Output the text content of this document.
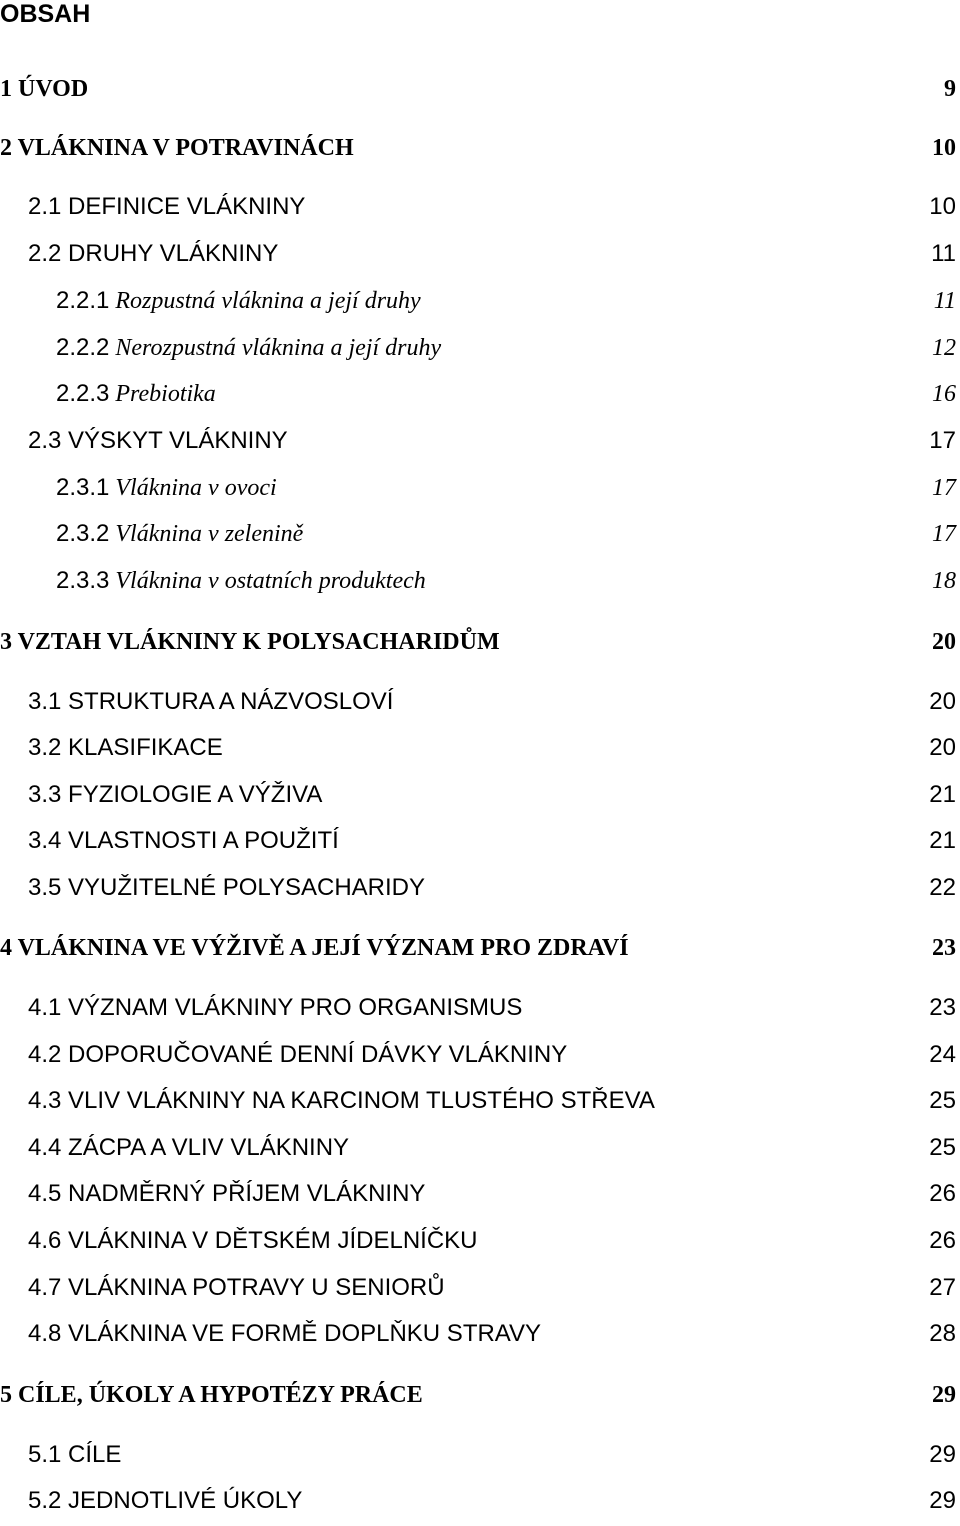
OBSAH
1 ÚVOD	9
2 VLÁKNINA V POTRAVINÁCH	10
2.1 DEFINICE VLÁKNINY	10
2.2 DRUHY VLÁKNINY	11
2.2.1 Rozpustná vláknina a její druhy	11
2.2.2 Nerozpustná vláknina a její druhy	12
2.2.3 Prebiotika	16
2.3 VÝSKYT VLÁKNINY	17
2.3.1 Vláknina v ovoci	17
2.3.2 Vláknina v zelenině	17
2.3.3 Vláknina v ostatních produktech	18
3 VZTAH VLÁKNINY K POLYSACHARIDŮM	20
3.1 STRUKTURA A NÁZVOSLOVÍ	20
3.2 KLASIFIKACE	20
3.3 FYZIOLOGIE A VÝŽIVA	21
3.4 VLASTNOSTI A POUŽITÍ	21
3.5 VYUŽITELNÉ POLYSACHARIDY	22
4 VLÁKNINA VE VÝŽIVĚ A JEJÍ VÝZNAM PRO ZDRAVÍ	23
4.1 VÝZNAM VLÁKNINY PRO ORGANISMUS	23
4.2 DOPORUČOVANÉ DENNÍ DÁVKY VLÁKNINY	24
4.3 VLIV VLÁKNINY NA KARCINOM TLUSTÉHO STŘEVA	25
4.4 ZÁCPA A VLIV VLÁKNINY	25
4.5 NADMĚRNÝ PŘÍJEM VLÁKNINY	26
4.6 VLÁKNINA V DĚTSKÉM JÍDELNÍČKU	26
4.7 VLÁKNINA POTRAVY U SENIORŮ	27
4.8 VLÁKNINA VE FORMĚ DOPLŇKU STRAVY	28
5 CÍLE, ÚKOLY A HYPOTÉZY PRÁCE	29
5.1 CÍLE	29
5.2 JEDNOTLIVÉ ÚKOLY	29
